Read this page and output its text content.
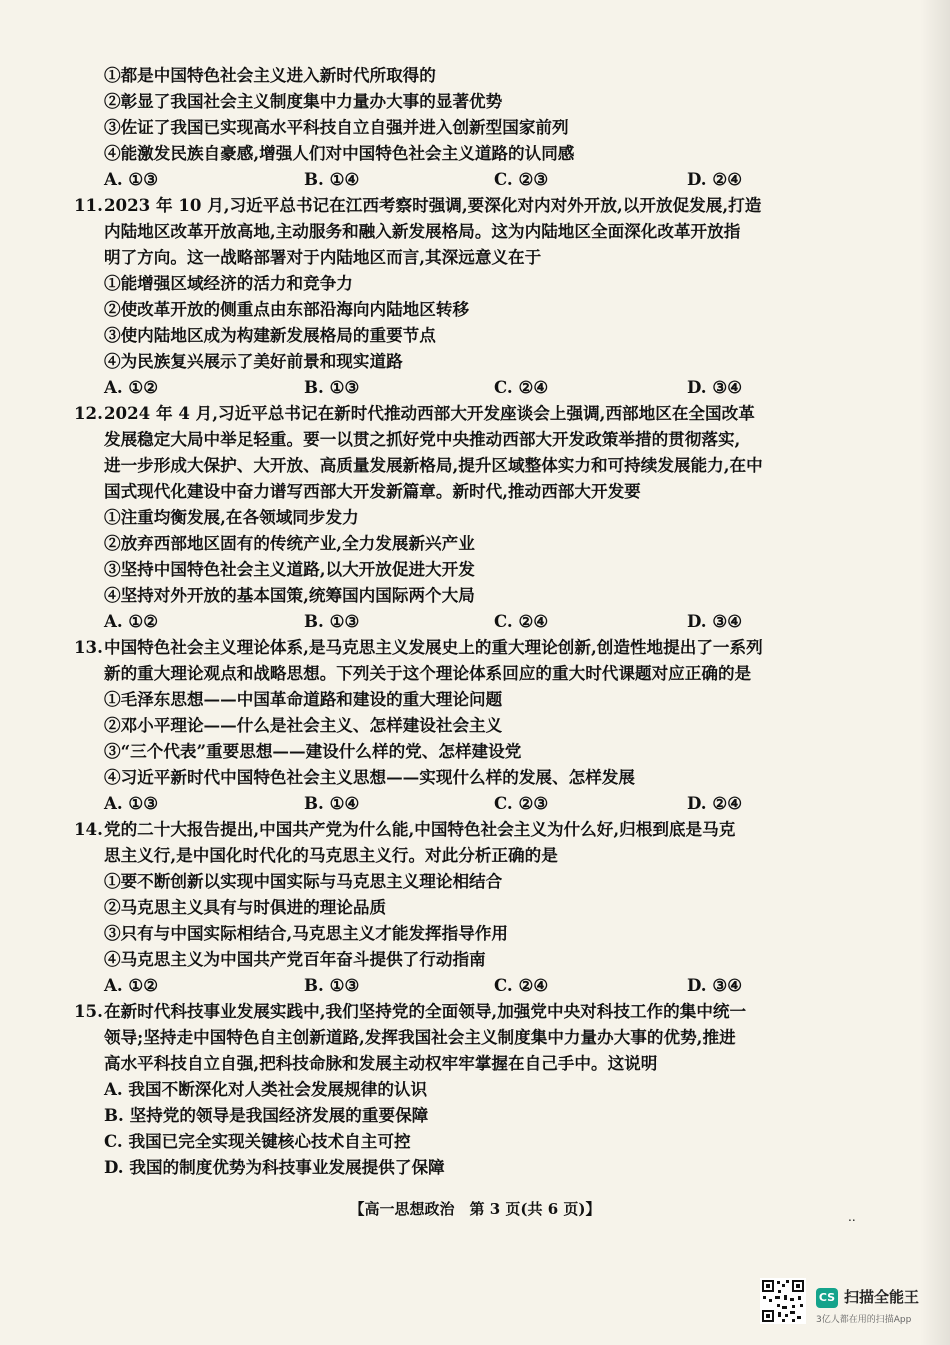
①都是中国特色社会主义进入新时代所取得的
②彰显了我国社会主义制度集中力量办大事的显著优势
③佐证了我国已实现高水平科技自立自强并进入创新型国家前列
④能激发民族自豪感,增强人们对中国特色社会主义道路的认同感
A. ①③	B. ①④	C. ②③	D. ②④
11. 2023 年 10 月,习近平总书记在江西考察时强调,要深化对内对外开放,以开放促发展,打造
内陆地区改革开放高地,主动服务和融入新发展格局。这为内陆地区全面深化改革开放指
明了方向。这一战略部署对于内陆地区而言,其深远意义在于
①能增强区域经济的活力和竞争力
②使改革开放的侧重点由东部沿海向内陆地区转移
③使内陆地区成为构建新发展格局的重要节点
④为民族复兴展示了美好前景和现实道路
A. ①②	B. ①③	C. ②④	D. ③④
12. 2024 年 4 月,习近平总书记在新时代推动西部大开发座谈会上强调,西部地区在全国改革
发展稳定大局中举足轻重。要一以贯之抓好党中央推动西部大开发政策举措的贯彻落实,
进一步形成大保护、大开放、高质量发展新格局,提升区域整体实力和可持续发展能力,在中
国式现代化建设中奋力谱写西部大开发新篇章。新时代,推动西部大开发要
①注重均衡发展,在各领域同步发力
②放弃西部地区固有的传统产业,全力发展新兴产业
③坚持中国特色社会主义道路,以大开放促进大开发
④坚持对外开放的基本国策,统筹国内国际两个大局
A. ①②	B. ①③	C. ②④	D. ③④
13. 中国特色社会主义理论体系,是马克思主义发展史上的重大理论创新,创造性地提出了一系列
新的重大理论观点和战略思想。下列关于这个理论体系回应的重大时代课题对应正确的是
①毛泽东思想——中国革命道路和建设的重大理论问题
②邓小平理论——什么是社会主义、怎样建设社会主义
③“三个代表”重要思想——建设什么样的党、怎样建设党
④习近平新时代中国特色社会主义思想——实现什么样的发展、怎样发展
A. ①③	B. ①④	C. ②③	D. ②④
14. 党的二十大报告提出,中国共产党为什么能,中国特色社会主义为什么好,归根到底是马克
思主义行,是中国化时代化的马克思主义行。对此分析正确的是
①要不断创新以实现中国实际与马克思主义理论相结合
②马克思主义具有与时俱进的理论品质
③只有与中国实际相结合,马克思主义才能发挥指导作用
④马克思主义为中国共产党百年奋斗提供了行动指南
A. ①②	B. ①③	C. ②④	D. ③④
15. 在新时代科技事业发展实践中,我们坚持党的全面领导,加强党中央对科技工作的集中统一
领导;坚持走中国特色自主创新道路,发挥我国社会主义制度集中力量办大事的优势,推进
高水平科技自立自强,把科技命脉和发展主动权牢牢掌握在自己手中。这说明
A. 我国不断深化对人类社会发展规律的认识
B. 坚持党的领导是我国经济发展的重要保障
C. 我国已完全实现关键核心技术自主可控
D. 我国的制度优势为科技事业发展提供了保障
【高一思想政治　第 3 页(共 6 页)】	..
CS 扫描全能王
3亿人都在用的扫描App
